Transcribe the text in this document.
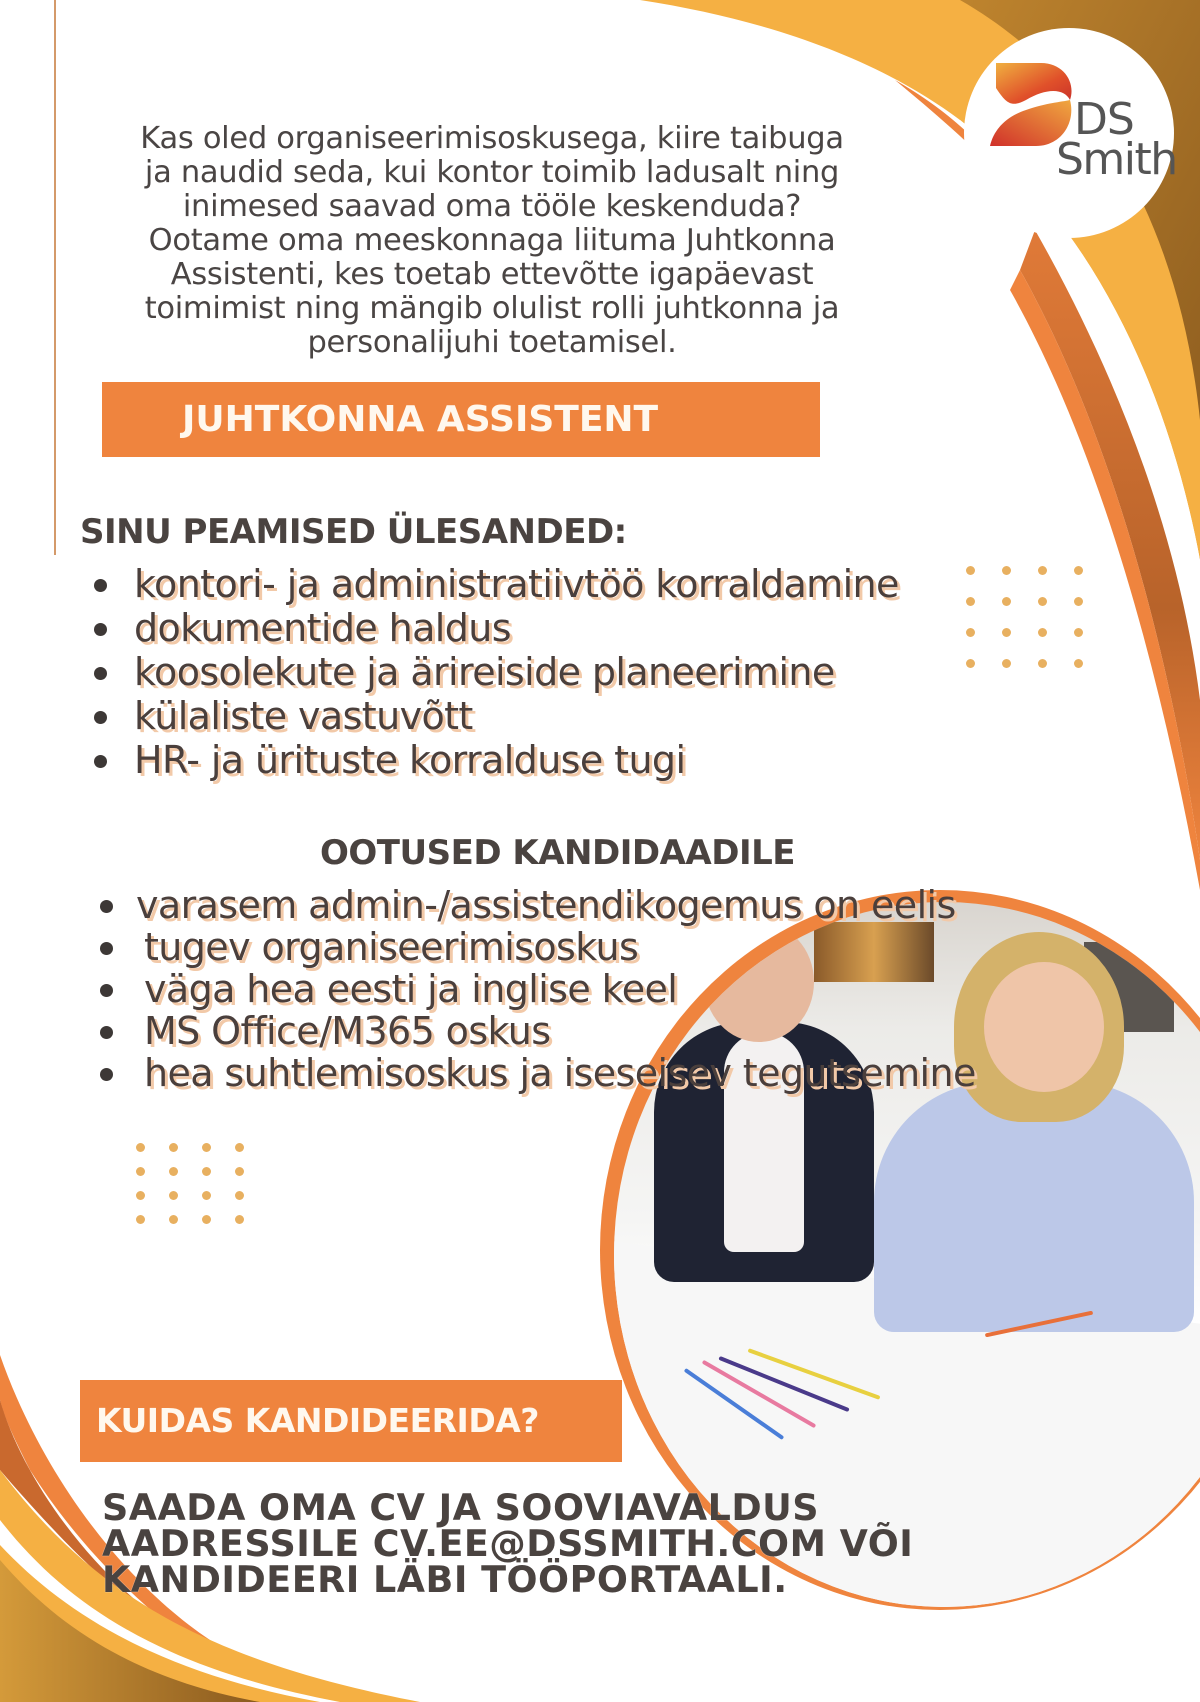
DS
Smith
Kas oled organiseerimisoskusega, kiire taibuga
ja naudid seda, kui kontor toimib ladusalt ning
inimesed saavad oma tööle keskenduda?
Ootame oma meeskonnaga liituma Juhtkonna
Assistenti, kes toetab ettevõtte igapäevast
toimimist ning mängib olulist rolli juhtkonna ja
personalijuhi toetamisel.
JUHTKONNA ASSISTENT
SINU PEAMISED ÜLESANDED:
kontori- ja administratiivtöö korraldamine
dokumentide haldus
koosolekute ja ärireiside planeerimine
külaliste vastuvõtt
HR- ja ürituste korralduse tugi
OOTUSED KANDIDAADILE
varasem admin-/assistendikogemus on eelis
tugev organiseerimisoskus
väga hea eesti ja inglise keel
MS Office/M365 oskus
hea suhtlemisoskus ja iseseisev tegutsemine
KUIDAS KANDIDEERIDA?
SAADA OMA CV JA SOOVIAVALDUS
AADRESSILE CV.EE@DSSMITH.COM VÕI
KANDIDEERI LÄBI TÖÖPORTAALI.
